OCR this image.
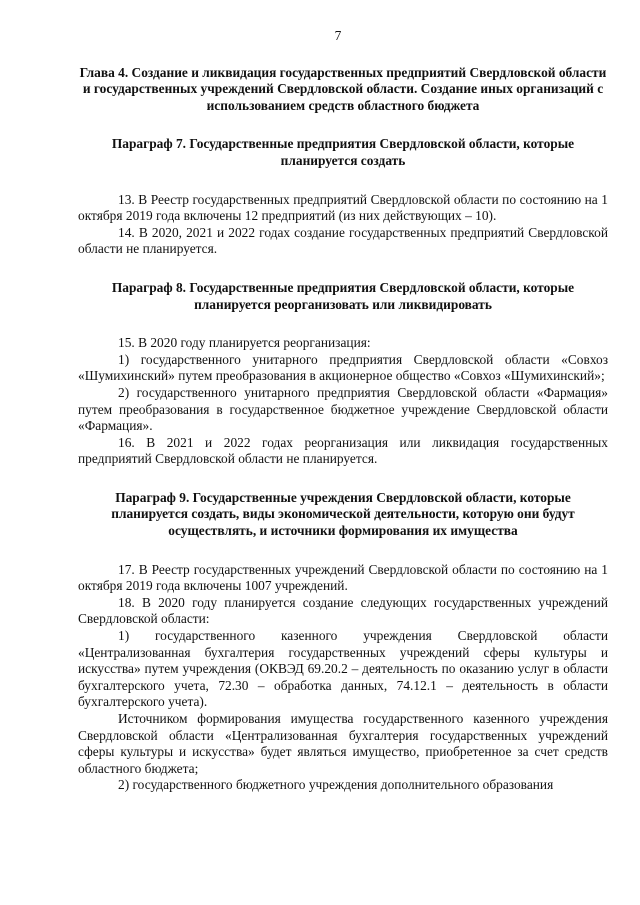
7
Глава 4. Создание и ликвидация государственных предприятий Свердловской области и государственных учреждений Свердловской области. Создание иных организаций с использованием средств областного бюджета
Параграф 7. Государственные предприятия Свердловской области, которые планируется создать

13. В Реестр государственных предприятий Свердловской области по состоянию на 1 октября 2019 года включены 12 предприятий (из них действующих – 10).

14. В 2020, 2021 и 2022 годах создание государственных предприятий Свердловской области не планируется.

Параграф 8. Государственные предприятия Свердловской области, которые планируется реорганизовать или ликвидировать

15. В 2020 году планируется реорганизация:

1) государственного унитарного предприятия Свердловской области «Совхоз «Шумихинский» путем преобразования в акционерное общество «Совхоз «Шумихинский»;

2) государственного унитарного предприятия Свердловской области «Фармация» путем преобразования в государственное бюджетное учреждение Свердловской области «Фармация».

16. В 2021 и 2022 годах реорганизация или ликвидация государственных предприятий Свердловской области не планируется.

Параграф 9. Государственные учреждения Свердловской области, которые планируется создать, виды экономической деятельности, которую они будут осуществлять, и источники формирования их имущества

17. В Реестр государственных учреждений Свердловской области по состоянию на 1 октября 2019 года включены 1007 учреждений.

18. В 2020 году планируется создание следующих государственных учреждений Свердловской области:

1) государственного казенного учреждения Свердловской области «Централизованная бухгалтерия государственных учреждений сферы культуры и искусства» путем учреждения (ОКВЭД 69.20.2 – деятельность по оказанию услуг в области бухгалтерского учета, 72.30 – обработка данных, 74.12.1 – деятельность в области бухгалтерского учета).

Источником формирования имущества государственного казенного учреждения Свердловской области «Централизованная бухгалтерия государственных учреждений сферы культуры и искусства» будет являться имущество, приобретенное за счет средств областного бюджета;

2) государственного бюджетного учреждения дополнительного образования
